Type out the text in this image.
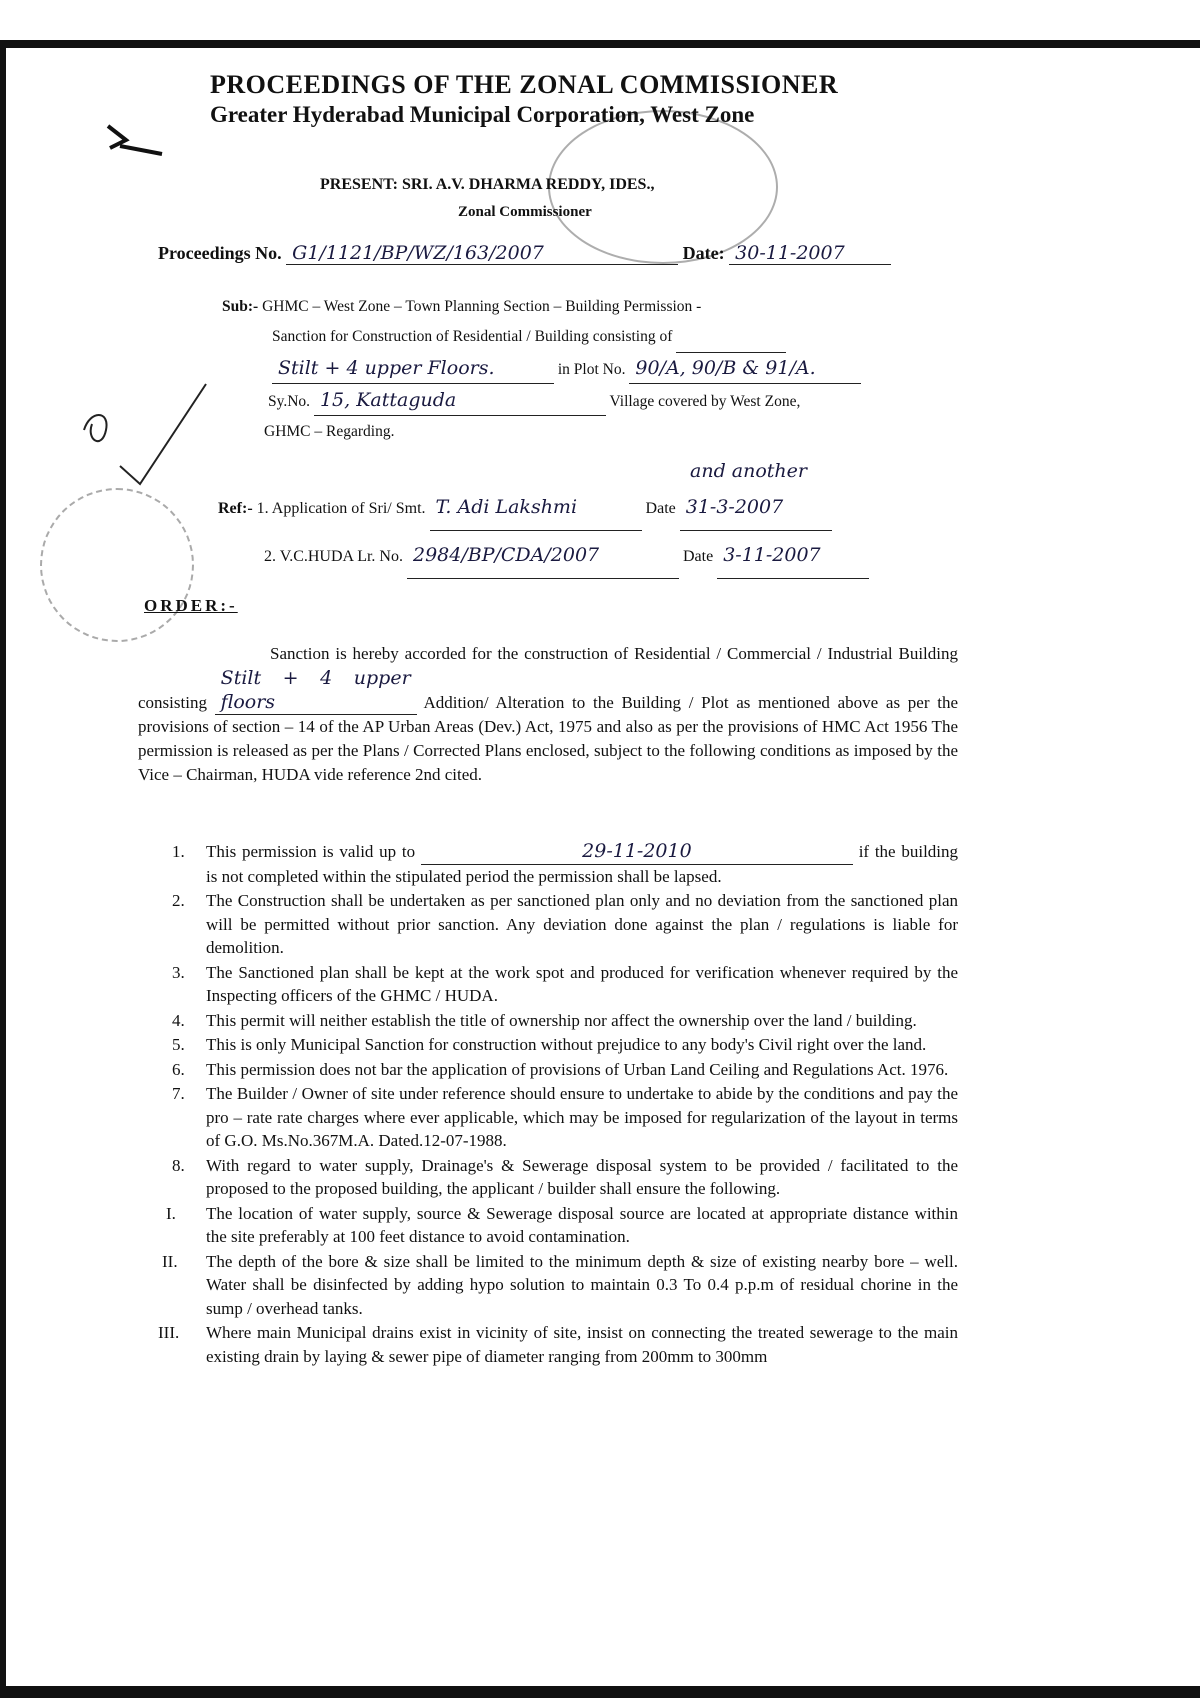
PROCEEDINGS OF THE ZONAL COMMISSIONER
Greater Hyderabad Municipal Corporation, West Zone
PRESENT: SRI. A.V. DHARMA REDDY, IDES.,
Zonal Commissioner
Proceedings No. G1/1121/BP/WZ/163/2007	Date: 30-11-2007
Sub:- GHMC – West Zone – Town Planning Section – Building Permission -
Sanction for Construction of Residential / Building consisting of
Stilt + 4 upper Floors.	in Plot No. 90/A, 90/B & 91/A.
Sy.No. 15, Kattaguda	Village covered by West Zone,
GHMC – Regarding.
and another
Ref:- 1. Application of Sri/ Smt. T. Adi Lakshmi	Date 31-3-2007
2. V.C.HUDA Lr. No. 2984/BP/CDA/2007	Date 3-11-2007
ORDER:-
Sanction is hereby accorded for the construction of Residential / Commercial / Industrial Building consisting Stilt + 4 upper floors	Addition/ Alteration to the Building / Plot as mentioned above as per the provisions of section – 14 of the AP Urban Areas (Dev.) Act, 1975 and also as per the provisions of HMC Act 1956 The permission is released as per the Plans / Corrected Plans enclosed, subject to the following conditions as imposed by the Vice – Chairman, HUDA vide reference 2nd cited.
1. This permission is valid up to	29-11-2010	if the building is not completed within the stipulated period the permission shall be lapsed.
2. The Construction shall be undertaken as per sanctioned plan only and no deviation from the sanctioned plan will be permitted without prior sanction. Any deviation done against the plan / regulations is liable for demolition.
3. The Sanctioned plan shall be kept at the work spot and produced for verification whenever required by the Inspecting officers of the GHMC / HUDA.
4. This permit will neither establish the title of ownership nor affect the ownership over the land / building.
5. This is only Municipal Sanction for construction without prejudice to any body's Civil right over the land.
6. This permission does not bar the application of provisions of Urban Land Ceiling and Regulations Act. 1976.
7. The Builder / Owner of site under reference should ensure to undertake to abide by the conditions and pay the pro – rate rate charges where ever applicable, which may be imposed for regularization of the layout in terms of G.O. Ms.No.367M.A. Dated.12-07-1988.
8. With regard to water supply, Drainage's & Sewerage disposal system to be provided / facilitated to the proposed to the proposed building, the applicant / builder shall ensure the following.
I. The location of water supply, source & Sewerage disposal source are located at appropriate distance within the site preferably at 100 feet distance to avoid contamination.
II. The depth of the bore & size shall be limited to the minimum depth & size of existing nearby bore – well. Water shall be disinfected by adding hypo solution to maintain 0.3 To 0.4 p.p.m of residual chorine in the sump / overhead tanks.
III. Where main Municipal drains exist in vicinity of site, insist on connecting the treated sewerage to the main existing drain by laying & sewer pipe of diameter ranging from 200mm to 300mm
